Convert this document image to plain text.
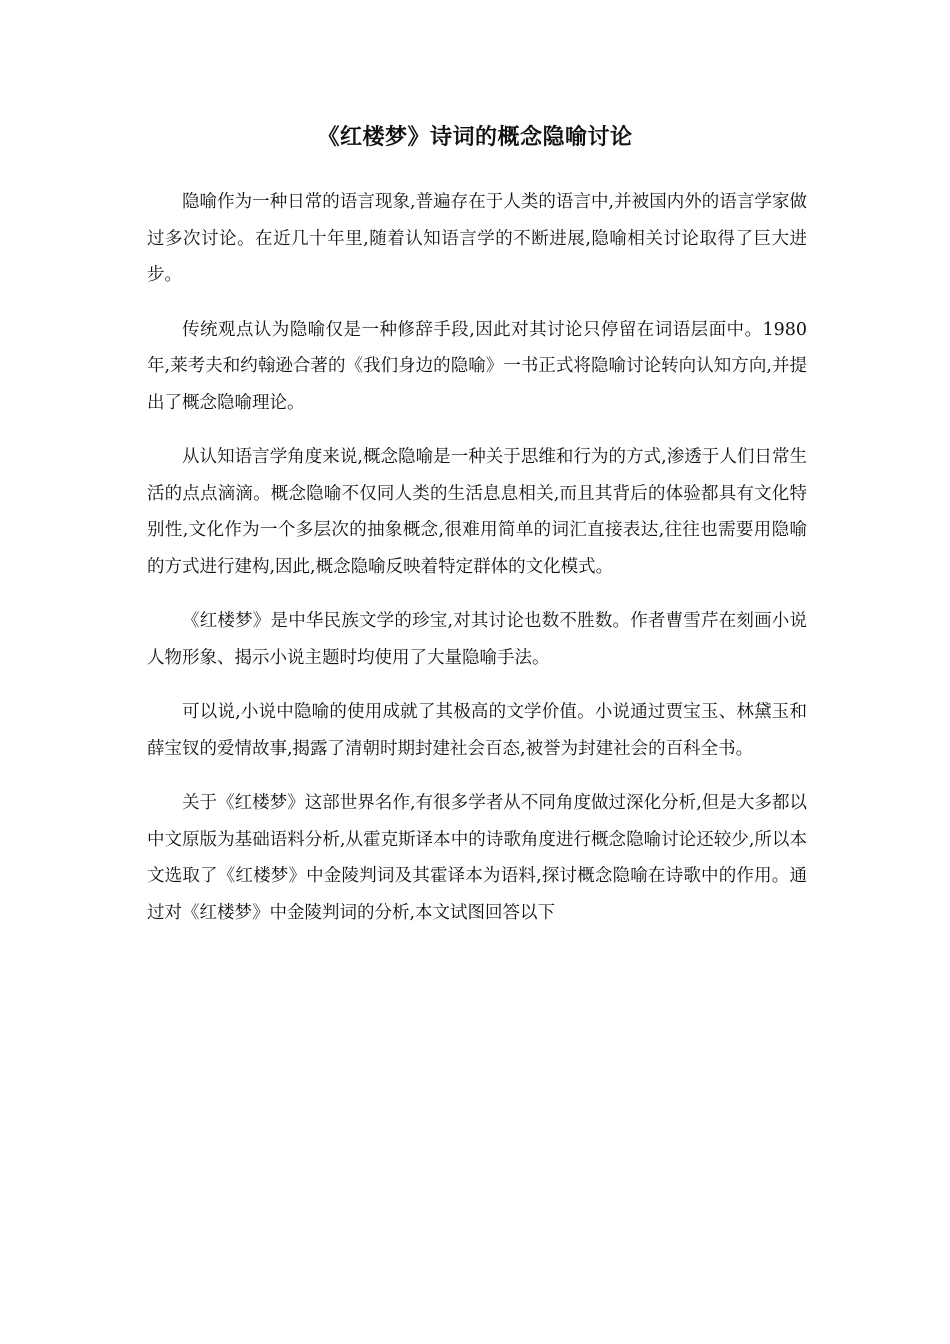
《红楼梦》诗词的概念隐喻讨论

隐喻作为一种日常的语言现象,普遍存在于人类的语言中,并被国内外的语言学家做过多次讨论。在近几十年里,随着认知语言学的不断进展,隐喻相关讨论取得了巨大进步。

传统观点认为隐喻仅是一种修辞手段,因此对其讨论只停留在词语层面中。1980年,莱考夫和约翰逊合著的《我们身边的隐喻》一书正式将隐喻讨论转向认知方向,并提出了概念隐喻理论。

从认知语言学角度来说,概念隐喻是一种关于思维和行为的方式,渗透于人们日常生活的点点滴滴。概念隐喻不仅同人类的生活息息相关,而且其背后的体验都具有文化特别性,文化作为一个多层次的抽象概念,很难用简单的词汇直接表达,往往也需要用隐喻的方式进行建构,因此,概念隐喻反映着特定群体的文化模式。

《红楼梦》是中华民族文学的珍宝,对其讨论也数不胜数。作者曹雪芹在刻画小说人物形象、揭示小说主题时均使用了大量隐喻手法。

可以说,小说中隐喻的使用成就了其极高的文学价值。小说通过贾宝玉、林黛玉和薛宝钗的爱情故事,揭露了清朝时期封建社会百态,被誉为封建社会的百科全书。

关于《红楼梦》这部世界名作,有很多学者从不同角度做过深化分析,但是大多都以中文原版为基础语料分析,从霍克斯译本中的诗歌角度进行概念隐喻讨论还较少,所以本文选取了《红楼梦》中金陵判词及其霍译本为语料,探讨概念隐喻在诗歌中的作用。通过对《红楼梦》中金陵判词的分析,本文试图回答以下
